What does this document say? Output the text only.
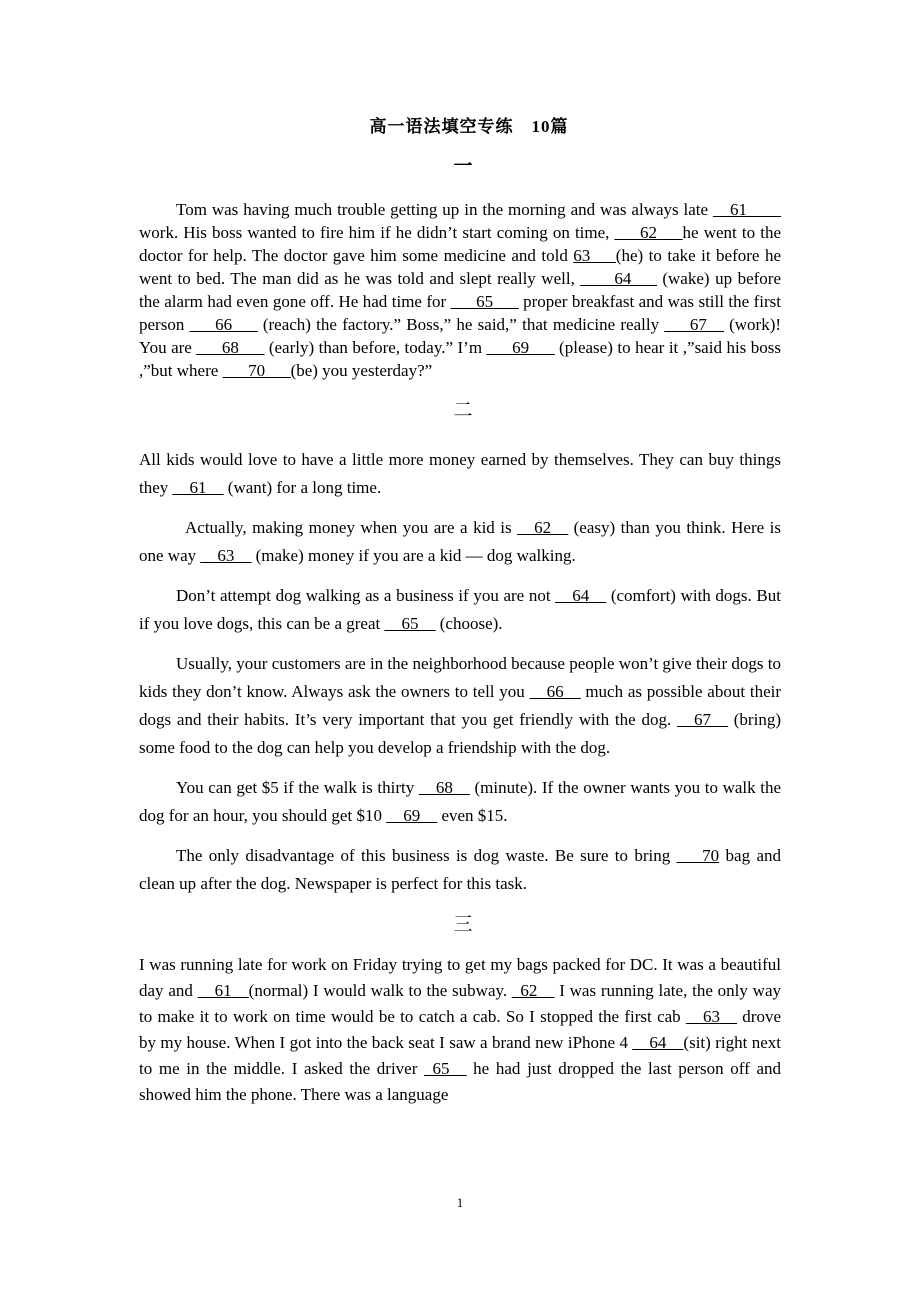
高一语法填空专练　10篇
一

Tom was having much trouble getting up in the morning and was always late __61____ work. His boss wanted to fire him if he didn’t start coming on time, ___62___he went to the doctor for help. The doctor gave him some medicine and told 63___(he) to take it before he went to bed. The man did as he was told and slept really well, ____64___ (wake) up before the alarm had even gone off. He had time for ___65___ proper breakfast and was still the first person ___66___ (reach) the factory.” Boss,” he said,” that medicine really ___67__ (work)! You are ___68___ (early) than before, today.” I’m ___69___ (please) to hear it ,”said his boss ,”but where ___70___(be) you yesterday?”

二

All kids would love to have a little more money earned by themselves. They can buy things they __61__ (want) for a long time.

Actually, making money when you are a kid is __62__ (easy) than you think. Here is one way __63__ (make) money if you are a kid — dog walking.

Don’t attempt dog walking as a business if you are not __64__ (comfort) with dogs. But if you love dogs, this can be a great __65__ (choose).

Usually, your customers are in the neighborhood because people won’t give their dogs to kids they don’t know. Always ask the owners to tell you __66__ much as possible about their dogs and their habits. It’s very important that you get friendly with the dog. __67__ (bring) some food to the dog can help you develop a friendship with the dog.

You can get $5 if the walk is thirty __68__ (minute). If the owner wants you to walk the dog for an hour, you should get $10 __69__ even $15.

The only disadvantage of this business is dog waste. Be sure to bring ___70 bag and clean up after the dog. Newspaper is perfect for this task.

三

I was running late for work on Friday trying to get my bags packed for DC. It was a beautiful day and __61__(normal) I would walk to the subway. _62__ I was running late, the only way to make it to work on time would be to catch a cab. So I stopped the first cab __63__ drove by my house. When I got into the back seat I saw a brand new iPhone 4 __64__(sit) right next to me in the middle. I asked the driver _65__ he had just dropped the last person off and showed him the phone. There was a language

1
